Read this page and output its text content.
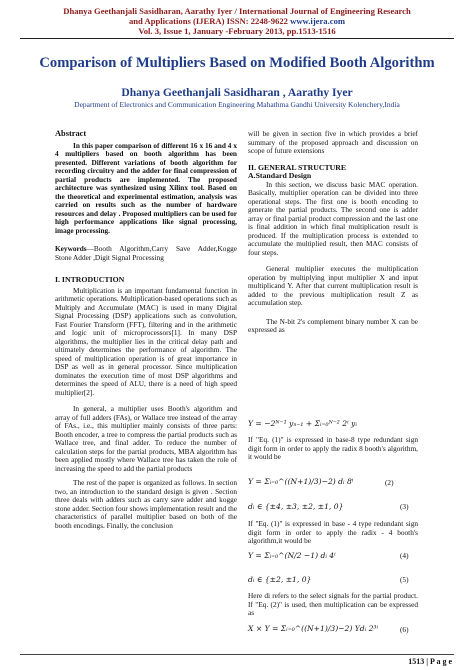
Dhanya Geethanjali Sasidharan, Aarathy Iyer / International Journal of Engineering Research
and Applications (IJERA) ISSN: 2248-9622 www.ijera.com
Vol. 3, Issue 1, January -February 2013, pp.1513-1516
Comparison of Multipliers Based on Modified Booth Algorithm
Dhanya Geethanjali Sasidharan , Aarathy Iyer
Department of Electronics and Communication Engineering Mahathma Gandhi University Kolenchery,India

Abstract

In this paper comparison of different 16 x 16 and 4 x 4 multipliers based on booth algorithm has been presented. Different variations of booth algorithm for recording circuitry and the adder for final compression of partial products are implemented. The proposed architecture was synthesized using Xilinx tool. Based on the theoretical and experimental estimation, analysis was carried on results such as the number of hardware resources and delay . Proposed multipliers can be used for high performance applications like signal processing, image processing.

Keywords—Booth Algorithm,Carry Save Adder,Kogge Stone Adder ,Digit Signal Processing

I. INTRODUCTION

Multiplication is an important fundamental function in arithmetic operations. Multiplication-based operations such as Multiply and Accumulate (MAC) is used in many Digital Signal Processing (DSP) applications such as convolution, Fast Fourier Transform (FFT), filtering and in the arithmetic and logic unit of microprocessors[1]. In many DSP algorithms, the multiplier lies in the critical delay path and ultimately determines the performance of algorithm. The speed of multiplication operation is of great importance in DSP as well as in general processor. Since multiplication dominates the execution time of most DSP algorithms and determines the speed of ALU, there is a need of high speed multiplier[2].

In general, a multiplier uses Booth's algorithm and array of full adders (FAs), or Wallace tree instead of the array of FAs., i.e., this multiplier mainly consists of three parts: Booth encoder, a tree to compress the partial products such as Wallace tree, and final adder. To reduce the number of calculation steps for the partial products, MBA algorithm has been applied mostly where Wallace tree has taken the role of increasing the speed to add the partial products

The rest of the paper is organized as follows. In section two, an introduction to the standard design is given . Section three deals with adders such as carry save adder and kogge stone adder. Section four shows implementation result and the characteristics of parallel multiplier based on both of the booth encodings. Finally, the conclusion

will be given in section five in which provides a brief summary of the proposed approach and discussion on scope of future extensions

II. GENERAL STRUCTURE

A.Standard Design

In this section, we discuss basic MAC operation. Basically, multiplier operation can be divided into three operational steps. The first one is booth encoding to generate the partial products. The second one is adder array or final partial product compression and the last one is final addition in which final multiplication result is produced. If the multiplication process is extended to accumulate the multiplied result, then MAC consists of four steps.

General multiplier executes the multiplication operation by multiplying input multiplier X and input multiplicand Y. After that current multiplication result is added to the previous multiplication result Z as accumulation step.

The N-bit 2's complement binary number X can be expressed as

Y = −2ᴺ⁻¹ yₙ₋₁ + Σᵢ₌₀ᴺ⁻² 2ⁱ yᵢ
If "Eq. (1)" is expressed in base-8 type redundant sign digit form in order to apply the radix 8 booth's algorithm, it would be
Y = Σᵢ₌₀^((N+1)/3)−2) dᵢ 8ⁱ	(2)
dᵢ ∈ {±4, ±3, ±2, ±1, 0}	(3)
If "Eq. (1)" is expressed in base - 4 type redundant sign digit form in order to apply the radix - 4 booth's algorithm,it would be
Y = Σᵢ₌₀^(N/2 −1) dᵢ 4ⁱ	(4)
dᵢ ∈ {±2, ±1, 0}	(5)
Here di refers to the select signals for the partial product. If "Eq. (2)" is used, then multiplication can be expressed as
X × Y = Σᵢ₌₀^((N+1)/3)−2) Ydᵢ 2³ⁱ	(6)
1513 | P a g e
